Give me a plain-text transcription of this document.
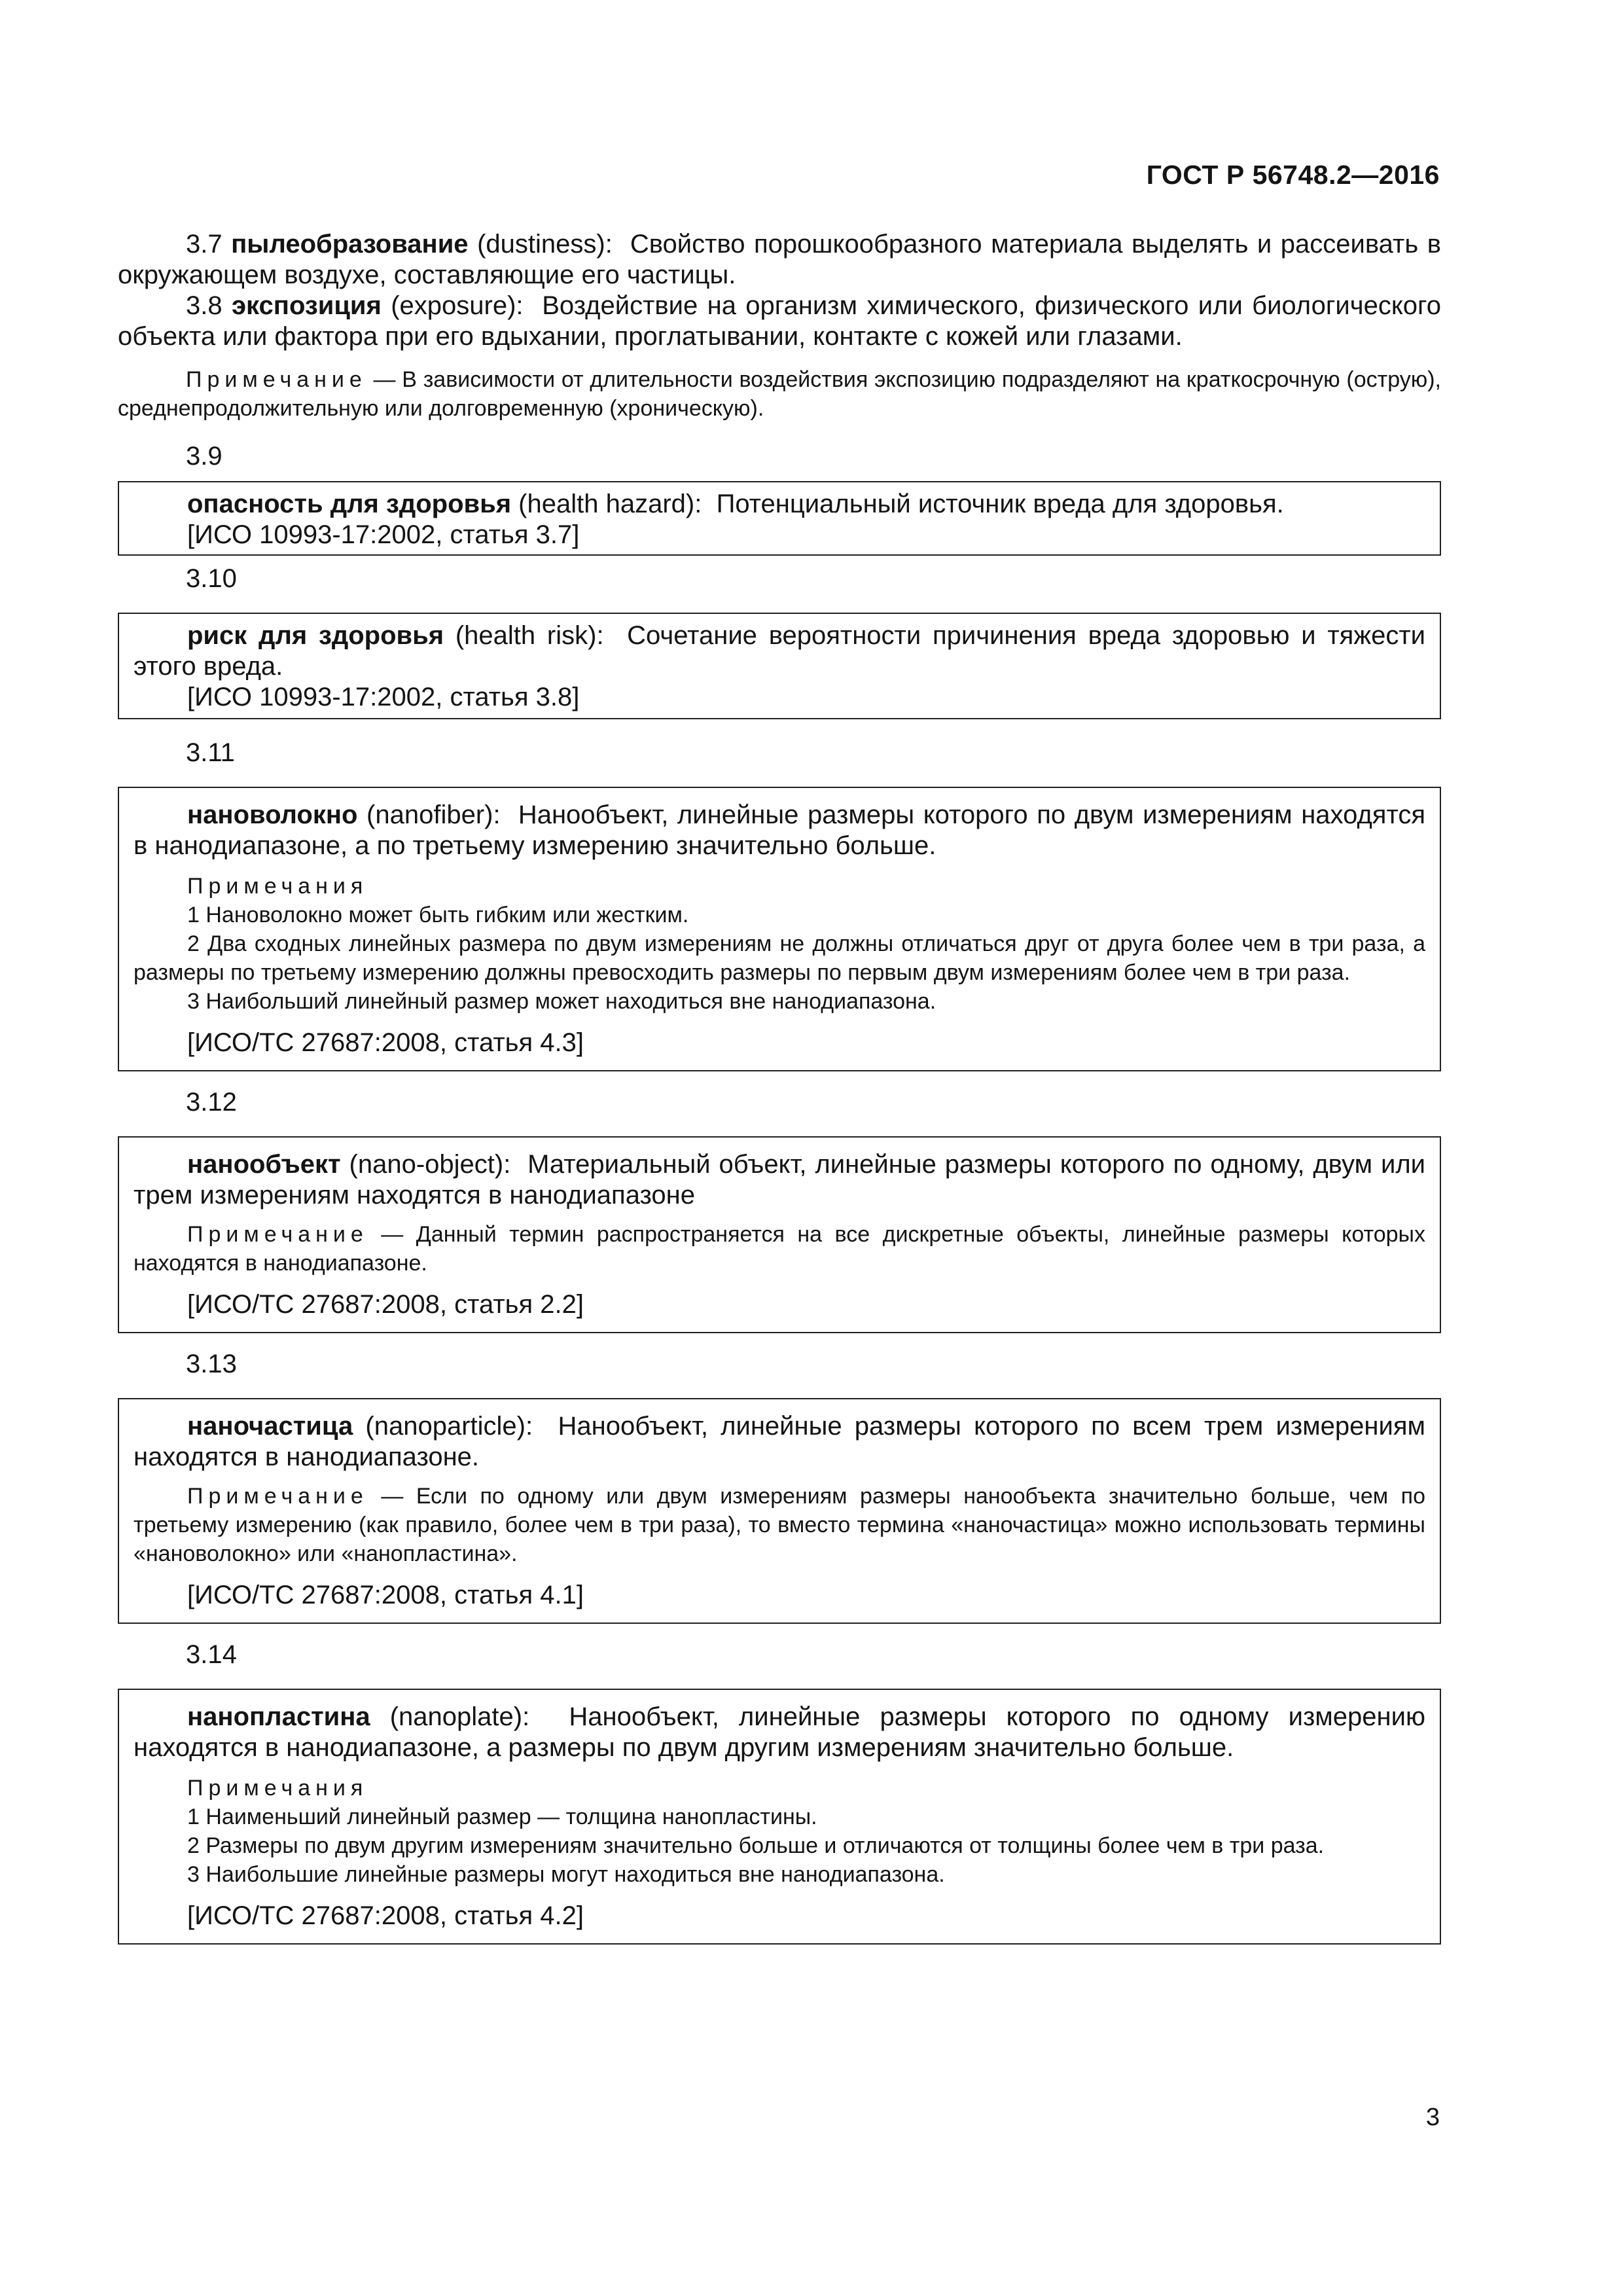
ГОСТ Р 56748.2—2016

3.7 пылеобразование (dustiness): Свойство порошкообразного материала выделять и рассеивать в окружающем воздухе, составляющие его частицы.

3.8 экспозиция (exposure): Воздействие на организм химического, физического или биологического объекта или фактора при его вдыхании, проглатывании, контакте с кожей или глазами.

Примечание — В зависимости от длительности воздействия экспозицию подразделяют на краткосрочную (острую), среднепродолжительную или долговременную (хроническую).

3.9

опасность для здоровья (health hazard): Потенциальный источник вреда для здоровья.

[ИСО 10993-17:2002, статья 3.7]
3.10

риск для здоровья (health risk): Сочетание вероятности причинения вреда здоровью и тяжести этого вреда.

[ИСО 10993-17:2002, статья 3.8]
3.11

нановолокно (nanofiber): Нанообъект, линейные размеры которого по двум измерениям находятся в нанодиапазоне, а по третьему измерению значительно больше.

Примечания

1 Нановолокно может быть гибким или жестким.

2 Два сходных линейных размера по двум измерениям не должны отличаться друг от друга более чем в три раза, а размеры по третьему измерению должны превосходить размеры по первым двум измерениям более чем в три раза.

3 Наибольший линейный размер может находиться вне нанодиапазона.

[ИСО/ТС 27687:2008, статья 4.3]
3.12

нанообъект (nano-object): Материальный объект, линейные размеры которого по одному, двум или трем измерениям находятся в нанодиапазоне

Примечание — Данный термин распространяется на все дискретные объекты, линейные размеры которых находятся в нанодиапазоне.

[ИСО/ТС 27687:2008, статья 2.2]
3.13

наночастица (nanoparticle): Нанообъект, линейные размеры которого по всем трем измерениям находятся в нанодиапазоне.

Примечание — Если по одному или двум измерениям размеры нанообъекта значительно больше, чем по третьему измерению (как правило, более чем в три раза), то вместо термина «наночастица» можно использовать термины «нановолокно» или «нанопластина».

[ИСО/ТС 27687:2008, статья 4.1]
3.14

нанопластина (nanoplate): Нанообъект, линейные размеры которого по одному измерению находятся в нанодиапазоне, а размеры по двум другим измерениям значительно больше.

Примечания

1 Наименьший линейный размер — толщина нанопластины.

2 Размеры по двум другим измерениям значительно больше и отличаются от толщины более чем в три раза.

3 Наибольшие линейные размеры могут находиться вне нанодиапазона.

[ИСО/ТС 27687:2008, статья 4.2]
3
